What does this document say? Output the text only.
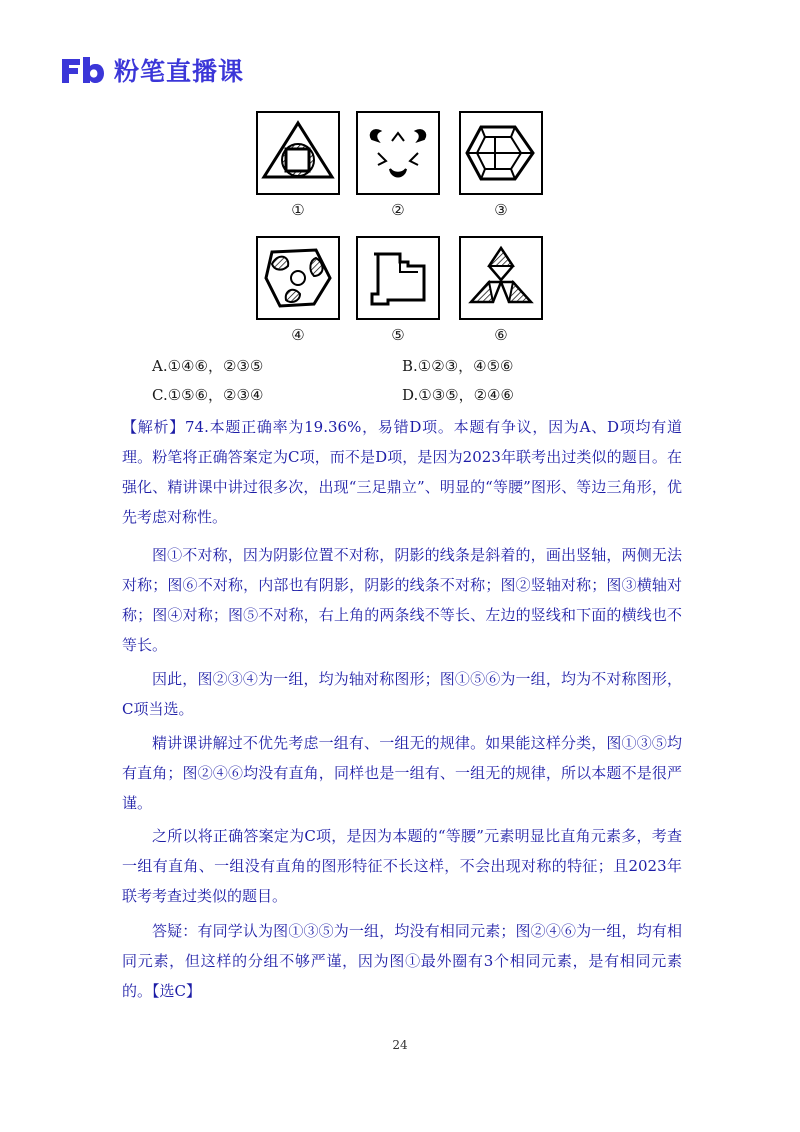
粉笔直播课
①	②	③
④	⑤	⑥
A.①④⑥，②③⑤	B.①②③，④⑤⑥
C.①⑤⑥，②③④	D.①③⑤，②④⑥
【解析】74.本题正确率为19.36%，易错D项。本题有争议，因为A、D项均有道理。粉笔将正确答案定为C项，而不是D项，是因为2023年联考出过类似的题目。在强化、精讲课中讲过很多次，出现“三足鼎立”、明显的“等腰”图形、等边三角形，优先考虑对称性。
图①不对称，因为阴影位置不对称，阴影的线条是斜着的，画出竖轴，两侧无法对称；图⑥不对称，内部也有阴影，阴影的线条不对称；图②竖轴对称；图③横轴对称；图④对称；图⑤不对称，右上角的两条线不等长、左边的竖线和下面的横线也不等长。
因此，图②③④为一组，均为轴对称图形；图①⑤⑥为一组，均为不对称图形，C项当选。
精讲课讲解过不优先考虑一组有、一组无的规律。如果能这样分类，图①③⑤均有直角；图②④⑥均没有直角，同样也是一组有、一组无的规律，所以本题不是很严谨。
之所以将正确答案定为C项，是因为本题的“等腰”元素明显比直角元素多，考查一组有直角、一组没有直角的图形特征不长这样，不会出现对称的特征；且2023年联考考查过类似的题目。
答疑：有同学认为图①③⑤为一组，均没有相同元素；图②④⑥为一组，均有相同元素，但这样的分组不够严谨，因为图①最外圈有3个相同元素，是有相同元素的。【选C】
24
